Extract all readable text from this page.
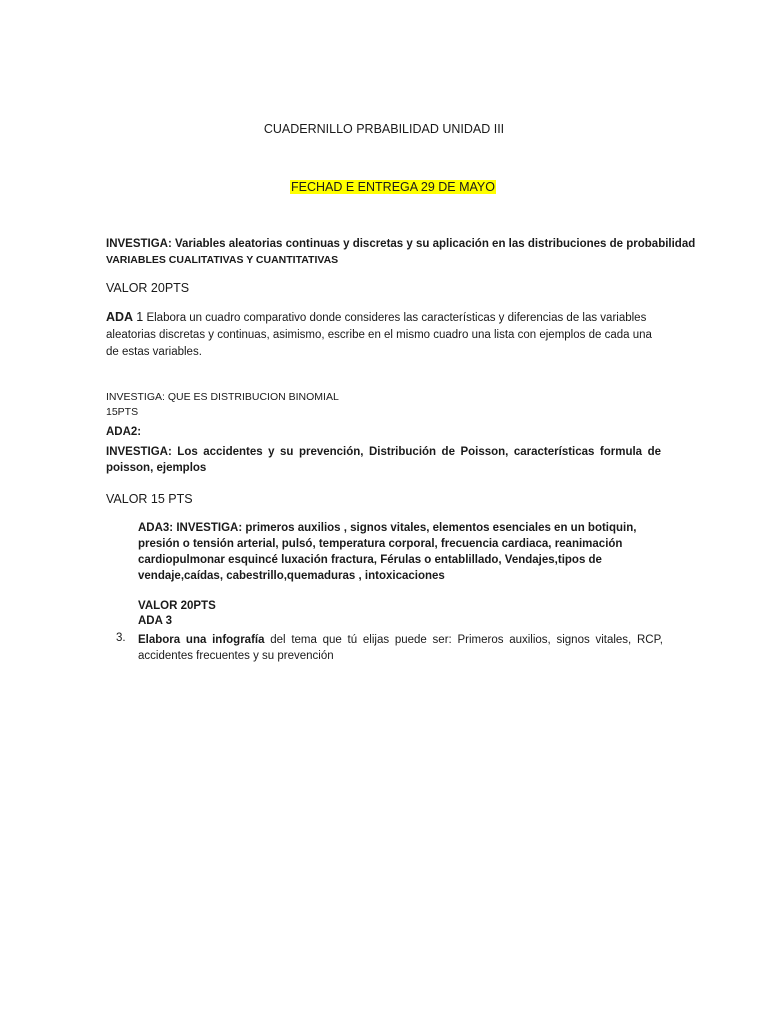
CUADERNILLO PRBABILIDAD UNIDAD III
FECHAD E ENTREGA 29 DE MAYO
INVESTIGA: Variables aleatorias continuas y discretas y su aplicación en las distribuciones de probabilidad
VARIABLES CUALITATIVAS Y CUANTITATIVAS
VALOR 20PTS
ADA 1 Elabora un cuadro comparativo donde consideres las características y diferencias de las variables aleatorias discretas y continuas, asimismo, escribe en el mismo cuadro una lista con ejemplos de cada una de estas variables.
INVESTIGA: QUE ES DISTRIBUCION BINOMIAL
15PTS
ADA2:
INVESTIGA: Los accidentes y su prevención, Distribución de Poisson, características formula de poisson, ejemplos
VALOR 15 PTS
ADA3: INVESTIGA: primeros auxilios , signos vitales, elementos esenciales en un botiquin, presión o tensión arterial, pulsó, temperatura corporal, frecuencia cardiaca, reanimación cardiopulmonar esquincé luxación fractura, Férulas o entablillado, Vendajes,tipos de vendaje,caídas, cabestrillo,quemaduras , intoxicaciones
VALOR 20PTS
ADA 3
3. Elabora una infografía del tema que tú elijas puede ser: Primeros auxilios, signos vitales, RCP, accidentes frecuentes y su prevención
